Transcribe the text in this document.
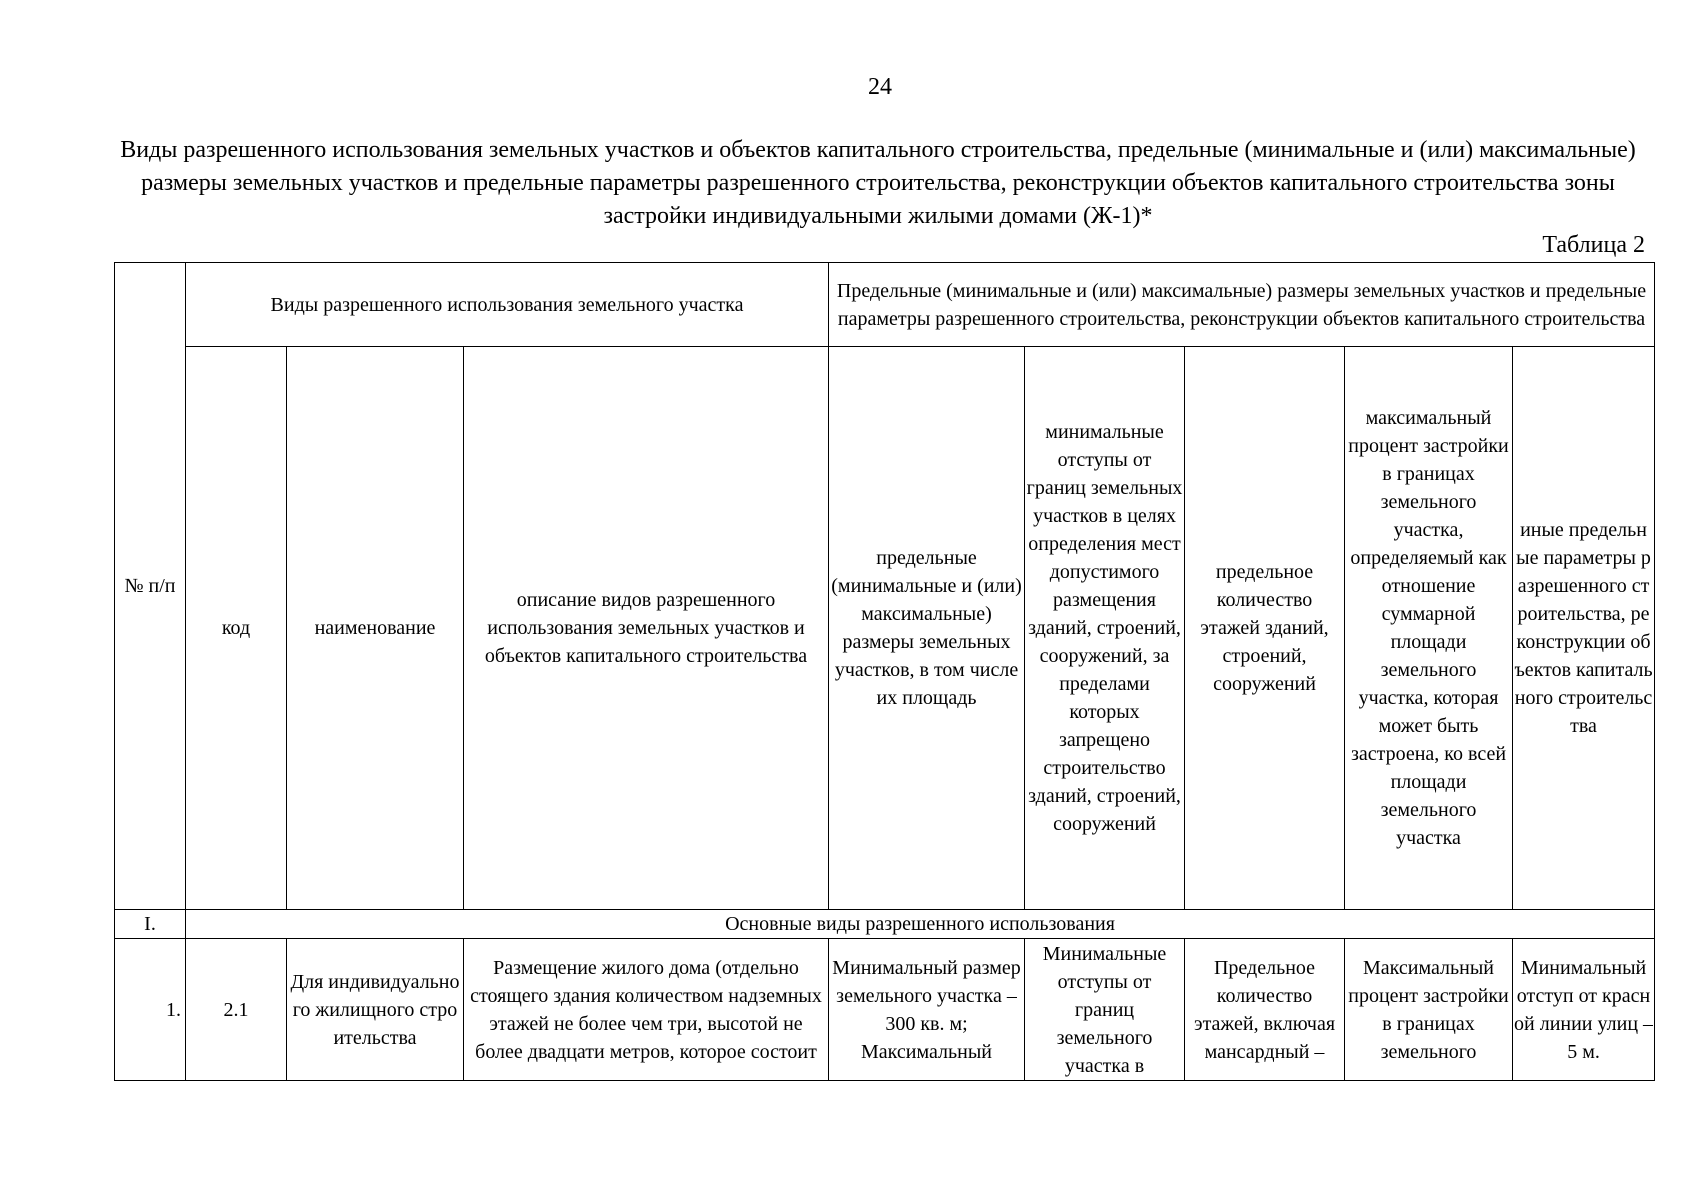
24
Виды разрешенного использования земельных участков и объектов капитального строительства, предельные (минимальные и (или) максимальные) размеры земельных участков и предельные параметры разрешенного строительства, реконструкции объектов капитального строительства зоны застройки индивидуальными жилыми домами (Ж-1)*
Таблица 2
№ п/п	Виды разрешенного использования земельного участка			Предельные (минимальные и (или) максимальные) размеры земельных участков и предельные параметры разрешенного строительства, реконструкции объектов капитального строительства				
	код	наименование	описание видов разрешенного использования земельных участков и объектов капитального строительства	предельные (минимальные и (или) максимальные) размеры земельных участков, в том числе их площадь	минимальные отступы от границ земельных участков в целях определения мест допустимого размещения зданий, строений, сооружений, за пределами которых запрещено строительство зданий, строений, сооружений	предельное количество этажей зданий, строений, сооружений	максимальный процент застройки в границах земельного участка, определяемый как отношение суммарной площади земельного участка, которая может быть застроена, ко всей площади земельного участка	иные предельные параметры разрешенного строительства, реконструкции объектов капитального строительства
I.	Основные виды разрешенного использования							

1.	2.1	Для индивидуального жилищного строительства	Размещение жилого дома (отдельно стоящего здания количеством надземных этажей не более чем три, высотой не более двадцати метров, которое состоит	Минимальный размер земельного участка – 300 кв. м; Максимальный	Минимальные отступы от границ земельного участка в	Предельное количество этажей, включая мансардный –	Максимальный процент застройки в границах земельного	Минимальный отступ от красной линии улиц – 5 м.
